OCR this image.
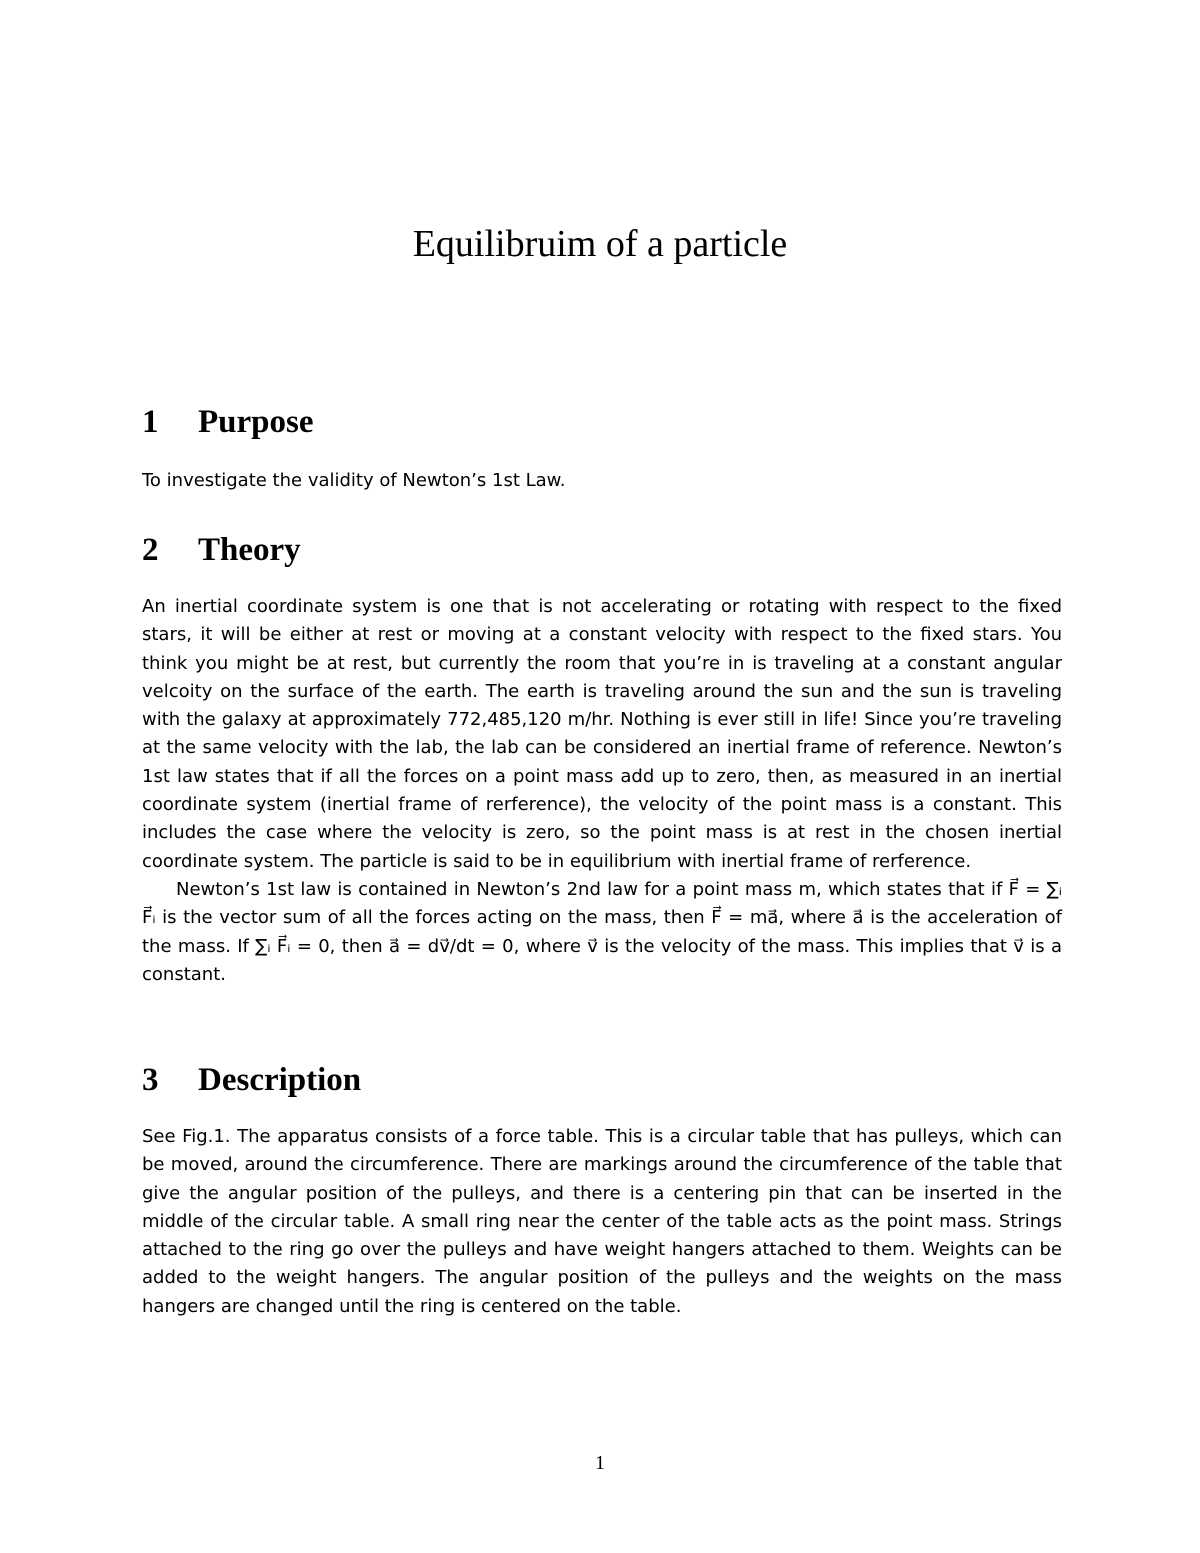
Equilibruim of a particle
1 Purpose

To investigate the validity of Newton’s 1st Law.

2 Theory

An inertial coordinate system is one that is not accelerating or rotating with respect to the fixed stars, it will be either at rest or moving at a constant velocity with respect to the fixed stars. You think you might be at rest, but currently the room that you’re in is traveling at a constant angular velcoity on the surface of the earth. The earth is traveling around the sun and the sun is traveling with the galaxy at approximately 772,485,120 m/hr. Nothing is ever still in life! Since you’re traveling at the same velocity with the lab, the lab can be considered an inertial frame of reference. Newton’s 1st law states that if all the forces on a point mass add up to zero, then, as measured in an inertial coordinate system (inertial frame of rerference), the velocity of the point mass is a constant. This includes the case where the velocity is zero, so the point mass is at rest in the chosen inertial coordinate system. The particle is said to be in equilibrium with inertial frame of rerference.

Newton’s 1st law is contained in Newton’s 2nd law for a point mass m, which states that if F⃗ = ∑ᵢ F⃗ᵢ is the vector sum of all the forces acting on the mass, then F⃗ = ma⃗, where a⃗ is the acceleration of the mass. If ∑ᵢ F⃗ᵢ = 0, then a⃗ = dv⃗/dt = 0, where v⃗ is the velocity of the mass. This implies that v⃗ is a constant.

3 Description

See Fig.1. The apparatus consists of a force table. This is a circular table that has pulleys, which can be moved, around the circumference. There are markings around the circumference of the table that give the angular position of the pulleys, and there is a centering pin that can be inserted in the middle of the circular table. A small ring near the center of the table acts as the point mass. Strings attached to the ring go over the pulleys and have weight hangers attached to them. Weights can be added to the weight hangers. The angular position of the pulleys and the weights on the mass hangers are changed until the ring is centered on the table.

1
